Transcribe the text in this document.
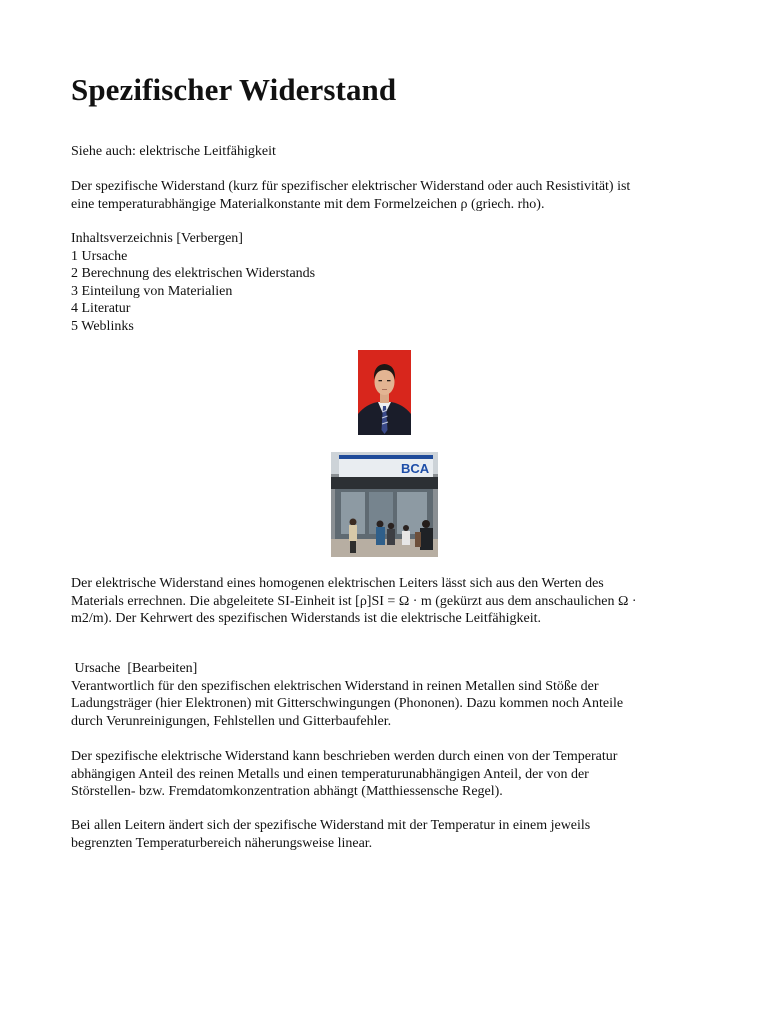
Spezifischer Widerstand

Siehe auch: elektrische Leitfähigkeit

Der spezifische Widerstand (kurz für spezifischer elektrischer Widerstand oder auch Resistivität) ist
eine temperaturabhängige Materialkonstante mit dem Formelzeichen ρ (griech. rho).
Inhaltsverzeichnis [Verbergen]
1 Ursache
2 Berechnung des elektrischen Widerstands
3 Einteilung von Materialien
4 Literatur
5 Weblinks
Der elektrische Widerstand eines homogenen elektrischen Leiters lässt sich aus den Werten des
Materials errechnen. Die abgeleitete SI-Einheit ist [ρ]SI = Ω · m (gekürzt aus dem anschaulichen Ω ·
m2/m). Der Kehrwert des spezifischen Widerstands ist die elektrische Leitfähigkeit.
Ursache  [Bearbeiten]
Verantwortlich für den spezifischen elektrischen Widerstand in reinen Metallen sind Stöße der
Ladungsträger (hier Elektronen) mit Gitterschwingungen (Phononen). Dazu kommen noch Anteile
durch Verunreinigungen, Fehlstellen und Gitterbaufehler.
Der spezifische elektrische Widerstand kann beschrieben werden durch einen von der Temperatur
abhängigen Anteil des reinen Metalls und einen temperaturunabhängigen Anteil, der von der
Störstellen- bzw. Fremdatomkonzentration abhängt (Matthiessensche Regel).
Bei allen Leitern ändert sich der spezifische Widerstand mit der Temperatur in einem jeweils
begrenzten Temperaturbereich näherungsweise linear.
BCA
